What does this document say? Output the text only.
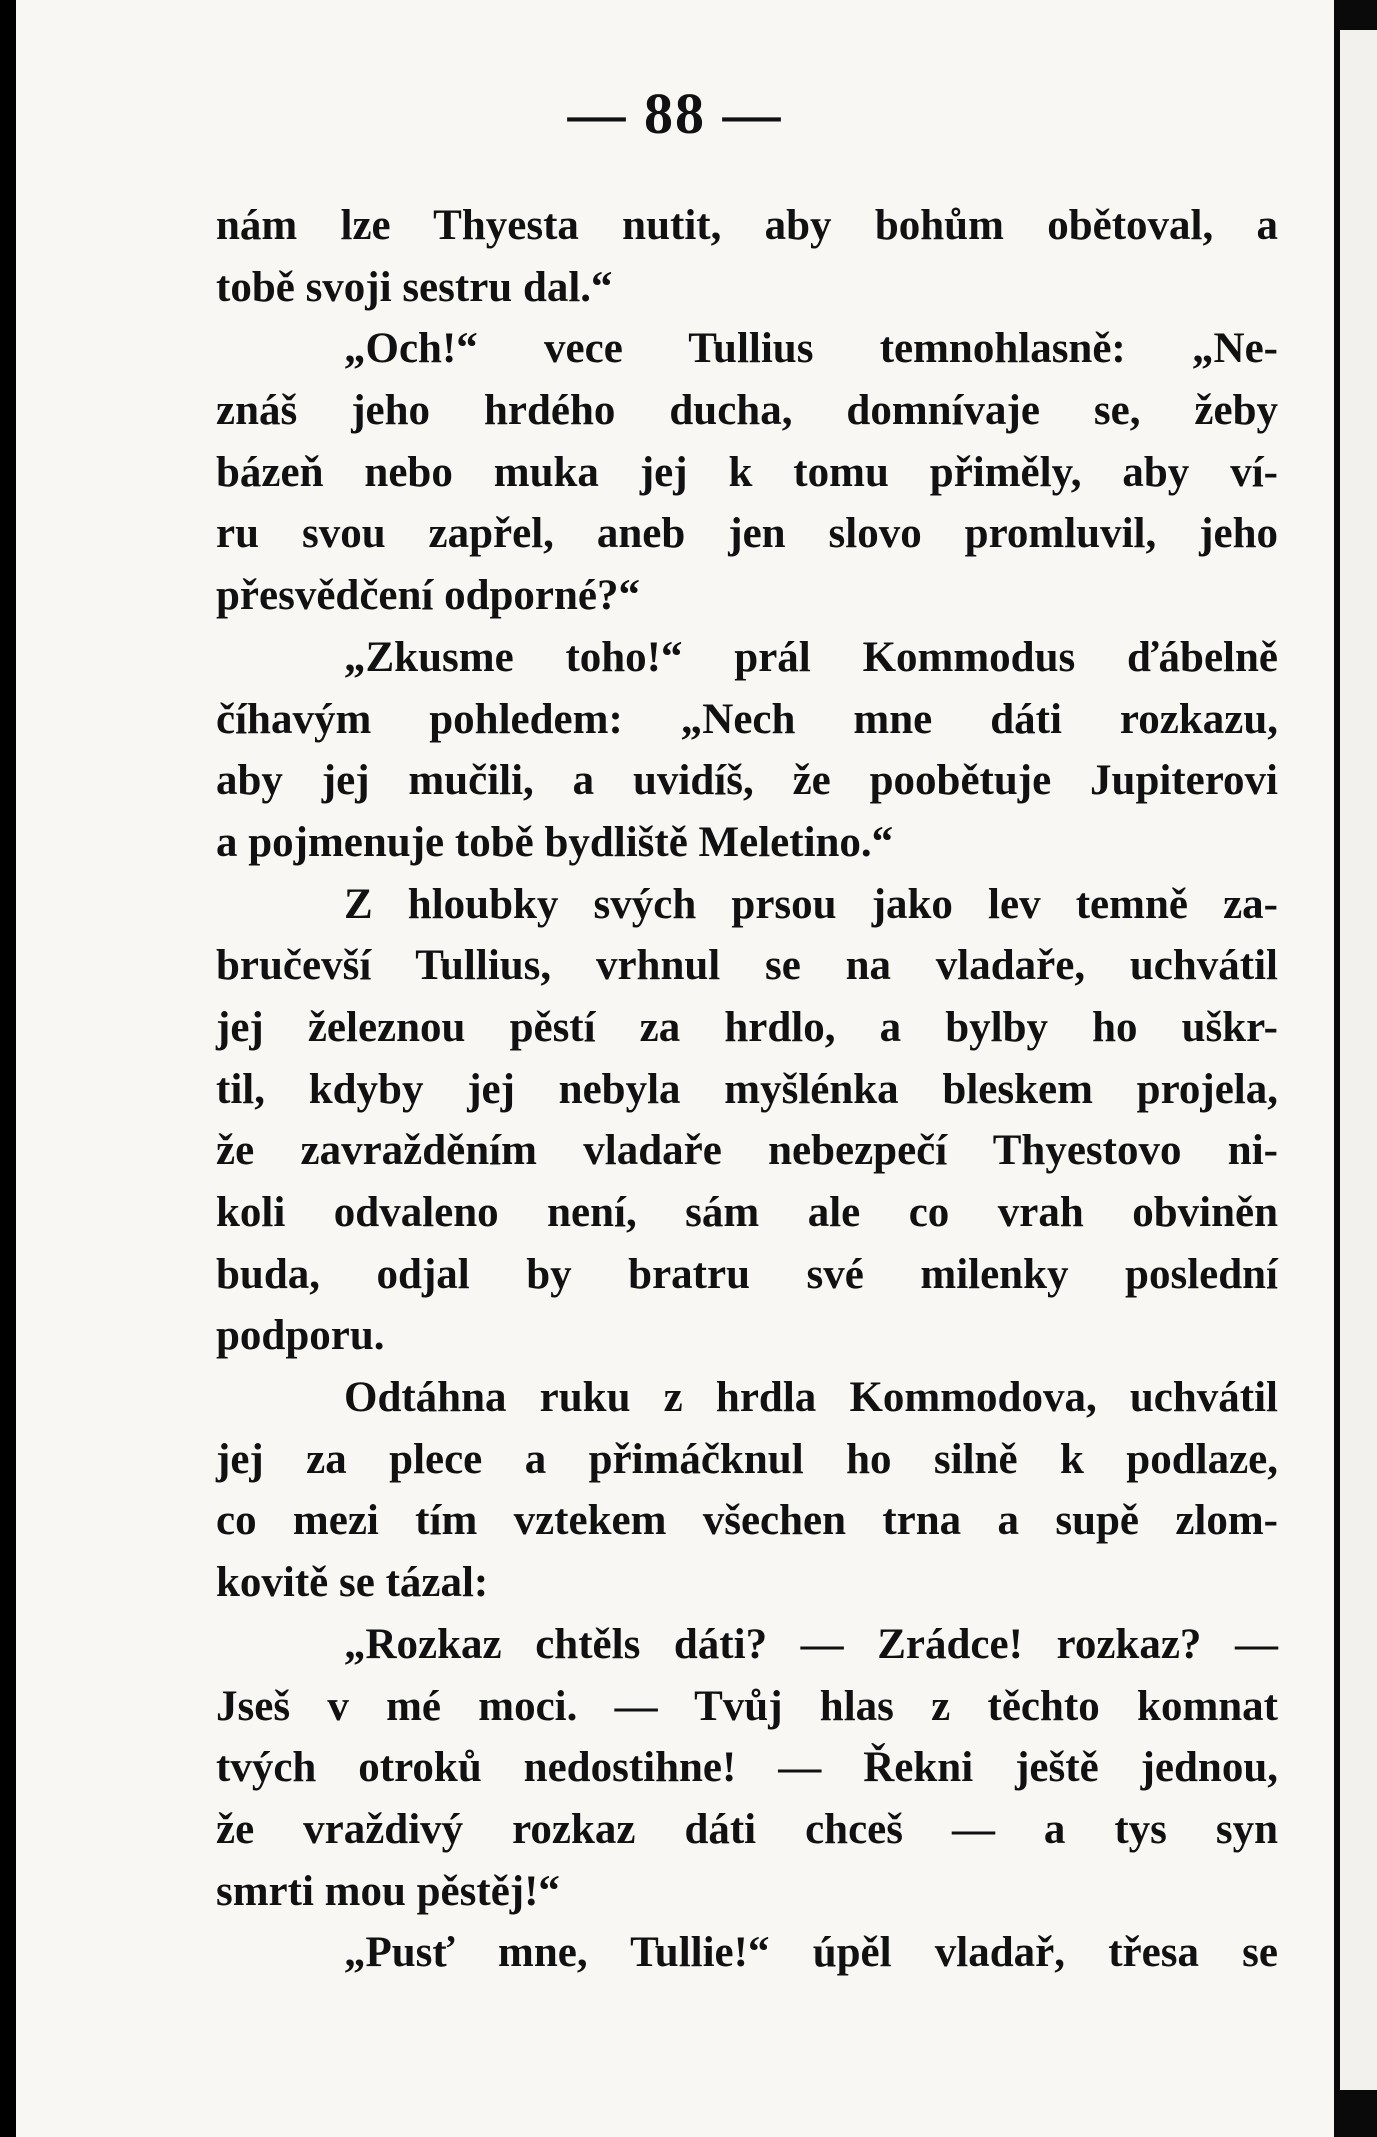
— 88 —
nám lze Thyesta nutit, aby bohům obětoval, a
tobě svoji sestru dal.“
„Och!“ vece Tullius temnohlasně: „Ne-
znáš jeho hrdého ducha, domnívaje se, žeby
bázeň nebo muka jej k tomu přiměly, aby ví-
ru svou zapřel, aneb jen slovo promluvil, jeho
přesvědčení odporné?“
„Zkusme toho!“ prál Kommodus ďábelně
číhavým pohledem: „Nech mne dáti rozkazu,
aby jej mučili, a uvidíš, že poobětuje Jupiterovi
a pojmenuje tobě bydliště Meletino.“
Z hloubky svých prsou jako lev temně za-
bručevší Tullius, vrhnul se na vladaře, uchvátil
jej železnou pěstí za hrdlo, a bylby ho uškr-
til, kdyby jej nebyla myšlénka bleskem projela,
že zavražděním vladaře nebezpečí Thyestovo ni-
koli odvaleno není, sám ale co vrah obviněn
buda, odjal by bratru své milenky poslední
podporu.
Odtáhna ruku z hrdla Kommodova, uchvátil
jej za plece a přimáčknul ho silně k podlaze,
co mezi tím vztekem všechen trna a supě zlom-
kovitě se tázal:
„Rozkaz chtěls dáti? — Zrádce! rozkaz? —
Jseš v mé moci. — Tvůj hlas z těchto komnat
tvých otroků nedostihne! — Řekni ještě jednou,
že vraždivý rozkaz dáti chceš — a tys syn
smrti mou pěstěj!“
„Pusť mne, Tullie!“ úpěl vladař, třesa se
